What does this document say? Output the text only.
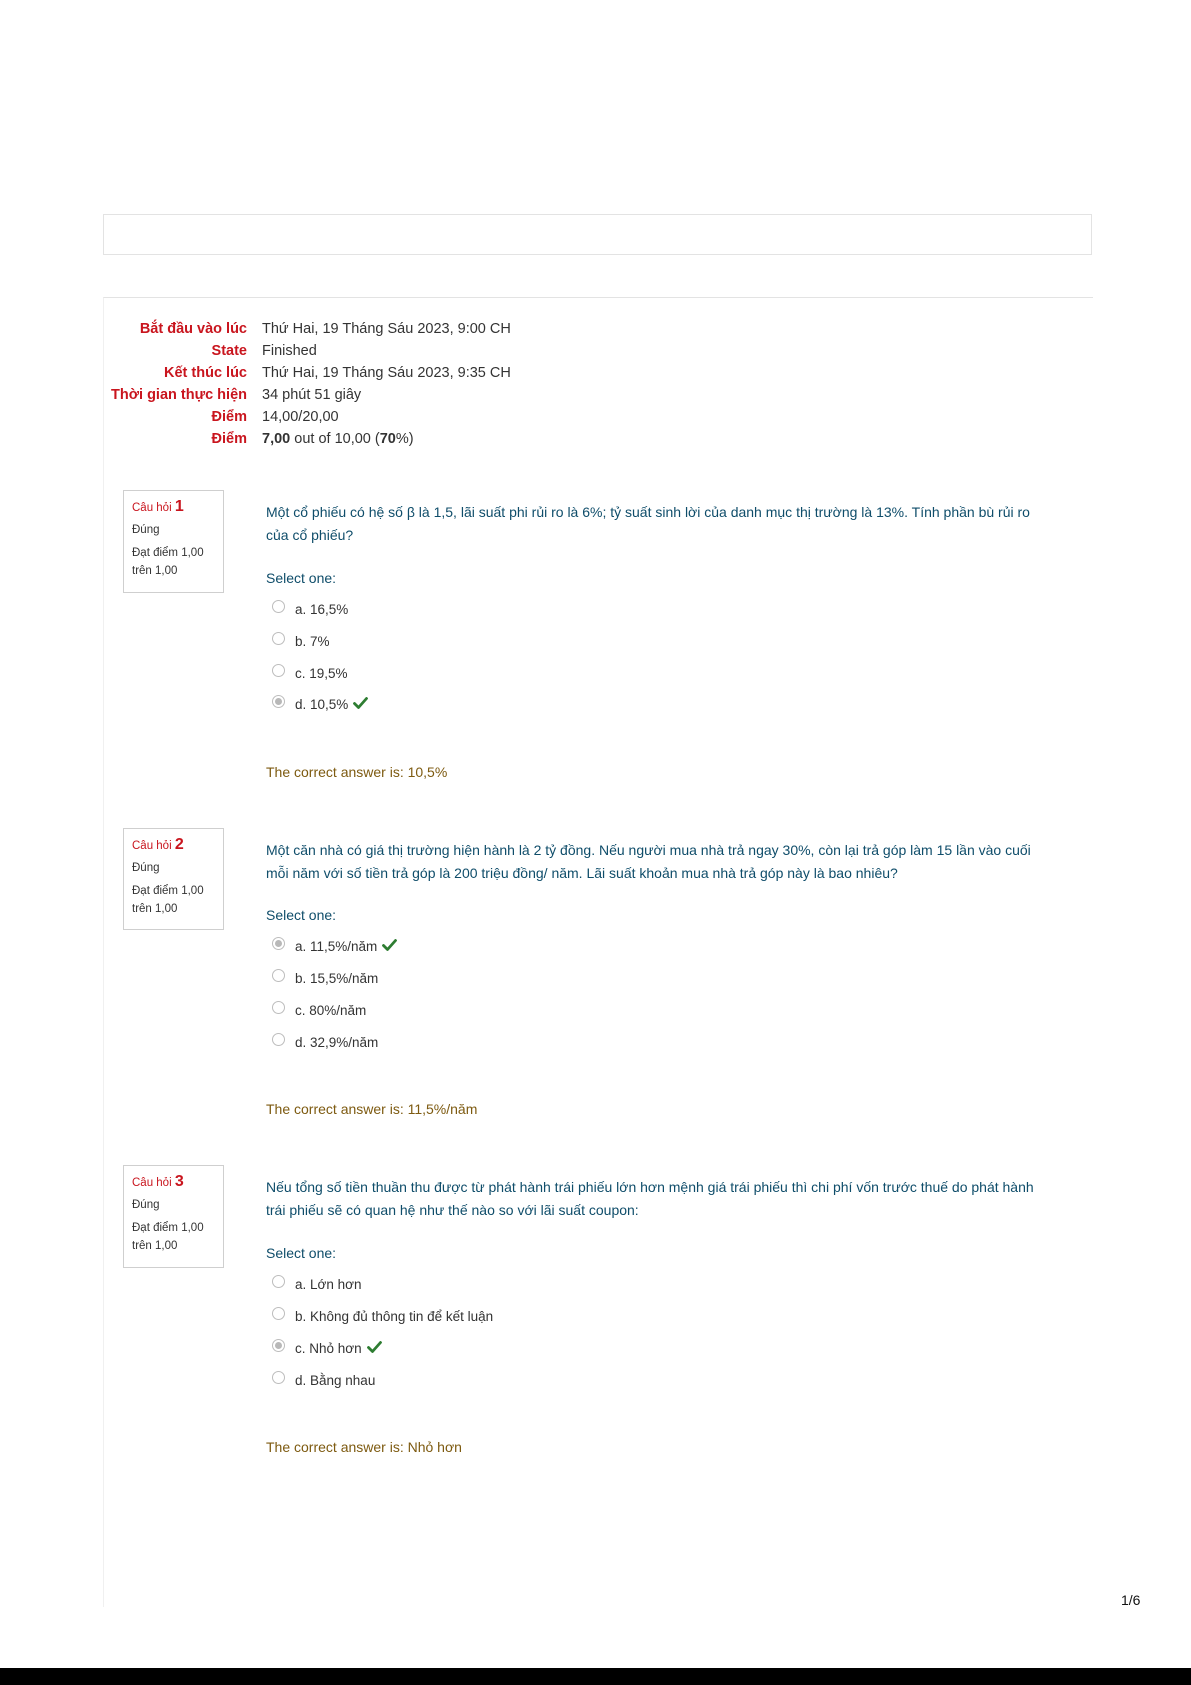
Bắt đầu vào lúc	Thứ Hai, 19 Tháng Sáu 2023, 9:00 CH
State	Finished
Kết thúc lúc	Thứ Hai, 19 Tháng Sáu 2023, 9:35 CH
Thời gian thực hiện	34 phút 51 giây
Điểm	14,00/20,00
Điểm	7,00 out of 10,00 (70%)
Câu hỏi 1
Đúng
Đạt điểm 1,00 trên 1,00
Một cổ phiếu có hệ số β là 1,5, lãi suất phi rủi ro là 6%; tỷ suất sinh lời của danh mục thị trường là 13%. Tính phần bù rủi ro của cổ phiếu?
Select one:
a. 16,5%
b. 7%
c. 19,5%
d. 10,5%
The correct answer is: 10,5%
Câu hỏi 2
Đúng
Đạt điểm 1,00 trên 1,00
Một căn nhà có giá thị trường hiện hành là 2 tỷ đồng. Nếu người mua nhà trả ngay 30%, còn lại trả góp làm 15 lần vào cuối mỗi năm với số tiền trả góp là 200 triệu đồng/ năm. Lãi suất khoản mua nhà trả góp này là bao nhiêu?
Select one:
a. 11,5%/năm
b. 15,5%/năm
c. 80%/năm
d. 32,9%/năm
The correct answer is: 11,5%/năm
Câu hỏi 3
Đúng
Đạt điểm 1,00 trên 1,00
Nếu tổng số tiền thuần thu được từ phát hành trái phiếu lớn hơn mệnh giá trái phiếu thì chi phí vốn trước thuế do phát hành trái phiếu sẽ có quan hệ như thế nào so với lãi suất coupon:
Select one:
a. Lớn hơn
b. Không đủ thông tin để kết luận
c. Nhỏ hơn
d. Bằng nhau
The correct answer is: Nhỏ hơn
1/6
